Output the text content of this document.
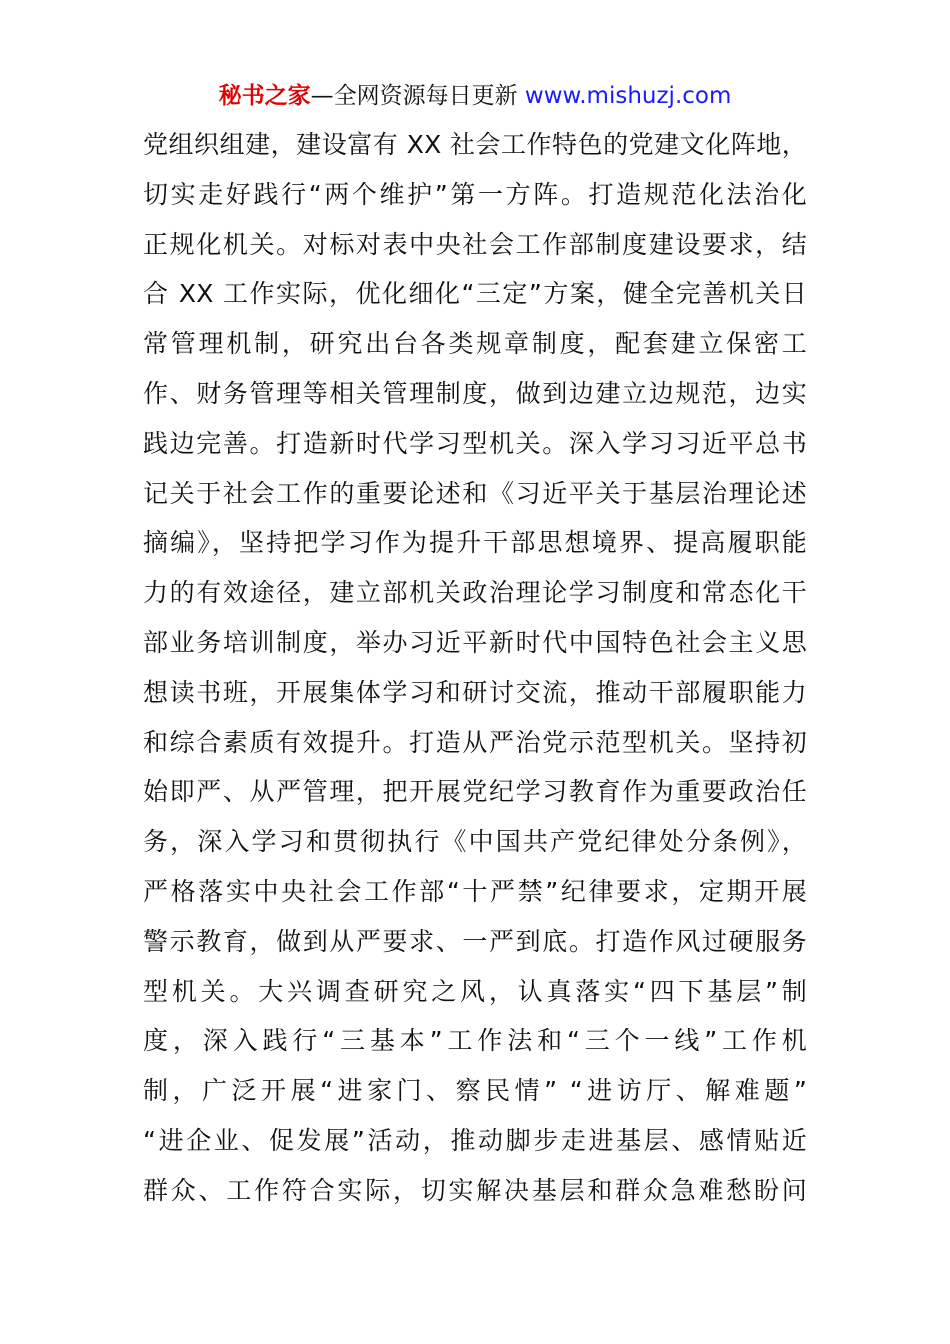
秘书之家—全网资源每日更新 www.mishuzj.com
党组织组建，建设富有 XX 社会工作特色的党建文化阵地，
切实走好践行“两个维护”第一方阵。打造规范化法治化
正规化机关。对标对表中央社会工作部制度建设要求，结
合 XX 工作实际，优化细化“三定”方案，健全完善机关日
常管理机制，研究出台各类规章制度，配套建立保密工
作、财务管理等相关管理制度，做到边建立边规范，边实
践边完善。打造新时代学习型机关。深入学习习近平总书
记关于社会工作的重要论述和《习近平关于基层治理论述
摘编》，坚持把学习作为提升干部思想境界、提高履职能
力的有效途径，建立部机关政治理论学习制度和常态化干
部业务培训制度，举办习近平新时代中国特色社会主义思
想读书班，开展集体学习和研讨交流，推动干部履职能力
和综合素质有效提升。打造从严治党示范型机关。坚持初
始即严、从严管理，把开展党纪学习教育作为重要政治任
务，深入学习和贯彻执行《中国共产党纪律处分条例》，
严格落实中央社会工作部“十严禁”纪律要求，定期开展
警示教育，做到从严要求、一严到底。打造作风过硬服务
型机关。大兴调查研究之风，认真落实“四下基层”制
度，深入践行“三基本”工作法和“三个一线”工作机
制，广泛开展“进家门、察民情” “进访厅、解难题”
“进企业、促发展”活动，推动脚步走进基层、感情贴近
群众、工作符合实际，切实解决基层和群众急难愁盼问
